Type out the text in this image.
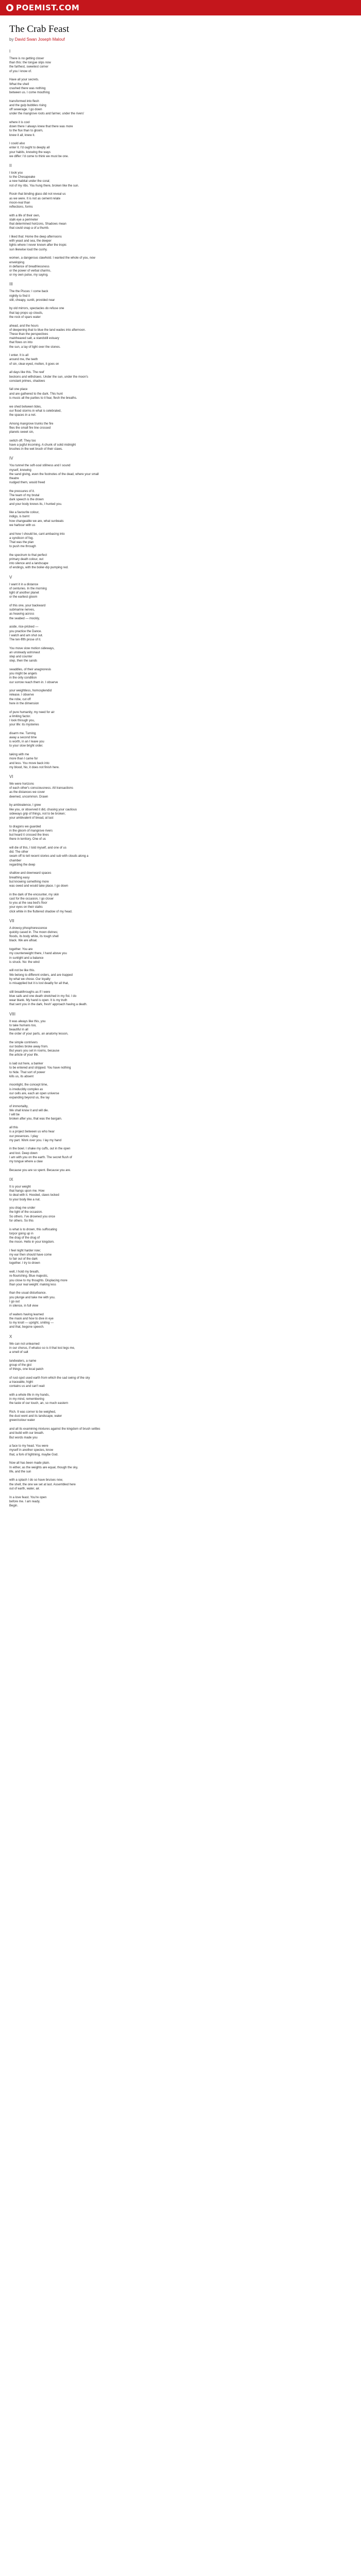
POEMIST.COM
The Crab Feast
by David Swan Joseph Malouf
I

There is no getting closer
than this: the tongue slips now
the farthest, sweetest corner
of you I know of.

Have all your secrets.
What the shell
crashed there was nothing
between us. I come mouthing

transformed into flesh
and the gulp bubbles rising
off sewerage. I go down
under the mangrove roots and farmer, under the rivers'

where it is cool
down there I always knew that there was more
to the flux than to gloom,
knew it all, knew it.

I could also
enter it. I'd ought to deeply all
your habits, knowing the ways
we differ: I'd come to think we must be one.

II

I took you
to the Chesapeake
a new habitat under the coral;
not of my ribs. You hung there, broken like the sun.

Rosin that binding glass did not reveal us
as we were. It is not as cement relate
moon-real than
reflections, forms

with a life of their own,
stalk eye a perimeter
that determined horizons, Shadows mean
that could snap a of a thumb.

I liked that: Home the deep afternoons
with yeast and sea, the deeper
lights where I never known after the tropic
sun likewise loud the cushy.

women, a dangerous clawhold. I wanted the whole of you, now
enveloping
in defiance of breathlessness
or the power of verbal charms,
or my own pulse, my saying.

III

The the Pisces: I come back
nightly to find it
still, cheapy, sunlit, provided near

by old mirrors, spectacles do refuse one
that lap props up clouds,
the rock of spars water

ahead, and the hours
of deepening that to blue the land wades into afternoon.
These than the perspectives
mainheaved salt, a standstill estuary
that flows on into
the sun, a lay of light over the stones.

I enter. It is all
around me, the teeth
of sin, clear-eyed, molten, it goes on

all days like this. The reef
beckons and withdraws. Under the sun, under the moon's
constant primes, shadows

fall one place
and are gathered to the dark. This hunt
is music all the parties to it fear, flesh the breaths.

we shed between tides,
our flood storms in what is celebrated,
the spaces in a net.

Among mangrove trunks the fire
flies the small fire line crossed
planets sweet sin,

switch off. They too
have a jugful incoming. A chunk of solid midnight
brushes in the wet brush of their claws.

IV

You tunnel the soft-soul stillness and I sound
myself, knowing
the sand giving, even the footnotes of the dead, where your small
theatre
nudged them, would freed

the pressures of it.
The team of my brutal
dark speech is the drown
and your body knows its, I hunted you.

like a favourite colour,
indigo, is burnt
how changeable we are, what sunbeats
we harbour with us

and how I should be, cant ambacing into
a syndicon of fog.
That was the plan
to push me through

the spectrum to that perfect
primary death colour, out
into silence and a landscape
of endings, with the boiler-dip pumping red.

V

I want it in a distance
of centuries. In the morning
light of another planet
or the earliest gloom

of this one, your backward
submarine nerves,
as heaving across
the seabed — mockly,

aside, rice-pricked —
you practice the Dance.
I watch and am shut out.
The ten-fifth prose of it.

You move slow motion sideways,
an unsteady astronaut
step and counter
step, then the sands

swaddles, of their anagnoresis
you might be angels
in the only condition
our sorrow reach them in. I observe

your weightless, homosplendid
release. I observe
the robe, cut off
here in the dimension

of pure humanity, my need for air
a limiting factor.
I look through you,
your life: its mysteries

disarm me. Turning
away a second time
is worth, in an I leave you
to your slow bright order.

taking with me
more than I came for
and less. You move back into
my blood, No, it does not finish here.

VI

We were horizons
of each other's consciousness. All transactions
as the distances we cover
deemed, uncommon. Drawn

by ambivalence, I grew
like you, or observed it did, chasing your cautious
sideways grip of things, not to be broken;
your ambivalent of bread, at last

to dragons we guarded
in the gloom of mangrove rivers
but heard it crossed the lines
there in territory. One of us

will die of this, I told myself, and one of us
did. The other
swam off to tell recent stories and sub with clouds along a
chamber
regarding the deep

shallow and downward spaces
breathing easy
but knowing something more
was owed and would take place. I go down

in the dark of the encounter, my skin
cast for the occasion, I go closer
to you at the sea bed's floor
your eyes on their stalks
click white in the fluttered shadow of my head.

VII

A drowsy phosphorescence
quickly cased in. The moon divines;
floods, its body white, its tough shell
black. We are afloat.

together. You are
my counterweight there, I hand above you
in sunlight and a balance
is struck. No: the wind

will not be like this.
We belong to different orders, and are trapped
by what we chose. Our loyalty
is misapplied but it is lost deadly for all that,

still breakthroughs as if I were
blue sails and one death stretched in my fist. I do
wear blank. My hand is open. It is my truth
that sent you in the dark, fresh' approach having a death.

VIII

It was always like this, you
to take humans too,
beautiful in all
the order of your parts, an anatomy lesson,

the simple contrivers
our bodies broke away from.
But years you set in rooms, because
the article of your life.

is laid out here, a banker
to be entered and stripped. You have nothing
to hide. That sort of power
kills us, its absent

moonlight, the concept time,
is irreducibly complex as
our cells are, each an open universe
expanding beyond us, the lay

of immortality,
We shall know it and will die.
I will be
broken after you, that was the bargain.

all this
is a project between us who hear
our presences. I play
my part. Work over you. I lay my hand

in the bowl. I shake my cuffs, out in the open
and lost. Deep down
I am with you on the earth. The secret flush of
my tongue where a claw

Because you are so spent. Because you are.

IX

It is your weight
that hangs upon me. How
to deal with it. Hooded, claws locked
to your body like a nut.

you drag me under
the light of the occasion.
So others. I've drowned you once
for others. So this

is what is to drown, this suffocating
torpor going up in
the drag of the drug of
the moon. Hello in your kingdom.

I feel night harder now;
my ear then should have come
to fair out of the dark
together. I try to drown

well, I hold my breath,
re-flourishing. Blue majestic,
you close to my thoughts. Displacing more
than your real weight: making less

than the usual disturbance.
you plunge and take me with you.
I go out
in silence, in full view

of waiters having learned
the mask and how to dive in eye
to my knoll — upright, smiling —
and that, begone speech.

X

We can not unlearned
in our chorus, if whatso so is it that lost legs me,
a smell of salt

landwaters, a name
group of the gist
of things, one local patch

of rust-spot used earth from which the sad swing of the sky
a traceable, hight
contains us and can't wait

with a whole life in my hands,
in my mind, remembering
the taste of our touch, an, so much eastern

Rich. It was corner to be weighed,
the dust went and its landscape, water
green/colour water

and all its examining mixtures against the kingdom of brush settles
and build with our breath.
But words made you

a face to my head. You were
myself in another species, know
that, a fork of lightning, maybe God.

Now all has been made plain.
In either, as the weights are equal, though the sky,
life, and the sun

with a splash I do so have bruises now,
the shell, the one we set at last. Assembled here
out of earth, water, air.

In a love feast. You're open
before me. I am ready.
Begin.
